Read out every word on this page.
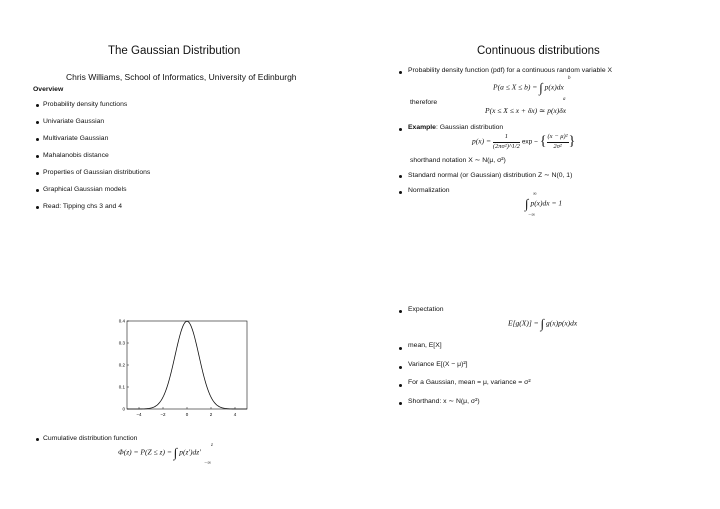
The Gaussian Distribution
Chris Williams, School of Informatics, University of Edinburgh
Overview
Probability density functions
Univariate Gaussian
Multivariate Gaussian
Mahalanobis distance
Properties of Gaussian distributions
Graphical Gaussian models
Read: Tipping chs 3 and 4
−4	−2	0	2	4
0
0.1
0.2
0.3
0.4
Cumulative distribution function
Φ(z) = P(Z ≤ z) = ∫ p(z′)dz′
−∞
z
Continuous distributions
Probability density function (pdf) for a continuous random variable X
P(a ≤ X ≤ b) = ∫ p(x)dx
a
b
therefore
P(x ≤ X ≤ x + δx) ≃ p(x)δx
Example: Gaussian distribution
$p(x) = \frac{1}{\text{(2πσ²)\textasciicircum{}1/2}}$ exp − { $\frac{\text{(x − μ)²}}{\text{2σ²}}$ }
shorthand notation X ∼ N(μ, σ²)
Standard normal (or Gaussian) distribution Z ∼ N(0, 1)
Normalization
∫ p(x)dx = 1
−∞
∞
Expectation
E[g(X)] = ∫ g(x)p(x)dx
mean, E[X]
Variance E[(X − μ)²]
For a Gaussian, mean = μ, variance = σ²
Shorthand: x ∼ N(μ, σ²)
